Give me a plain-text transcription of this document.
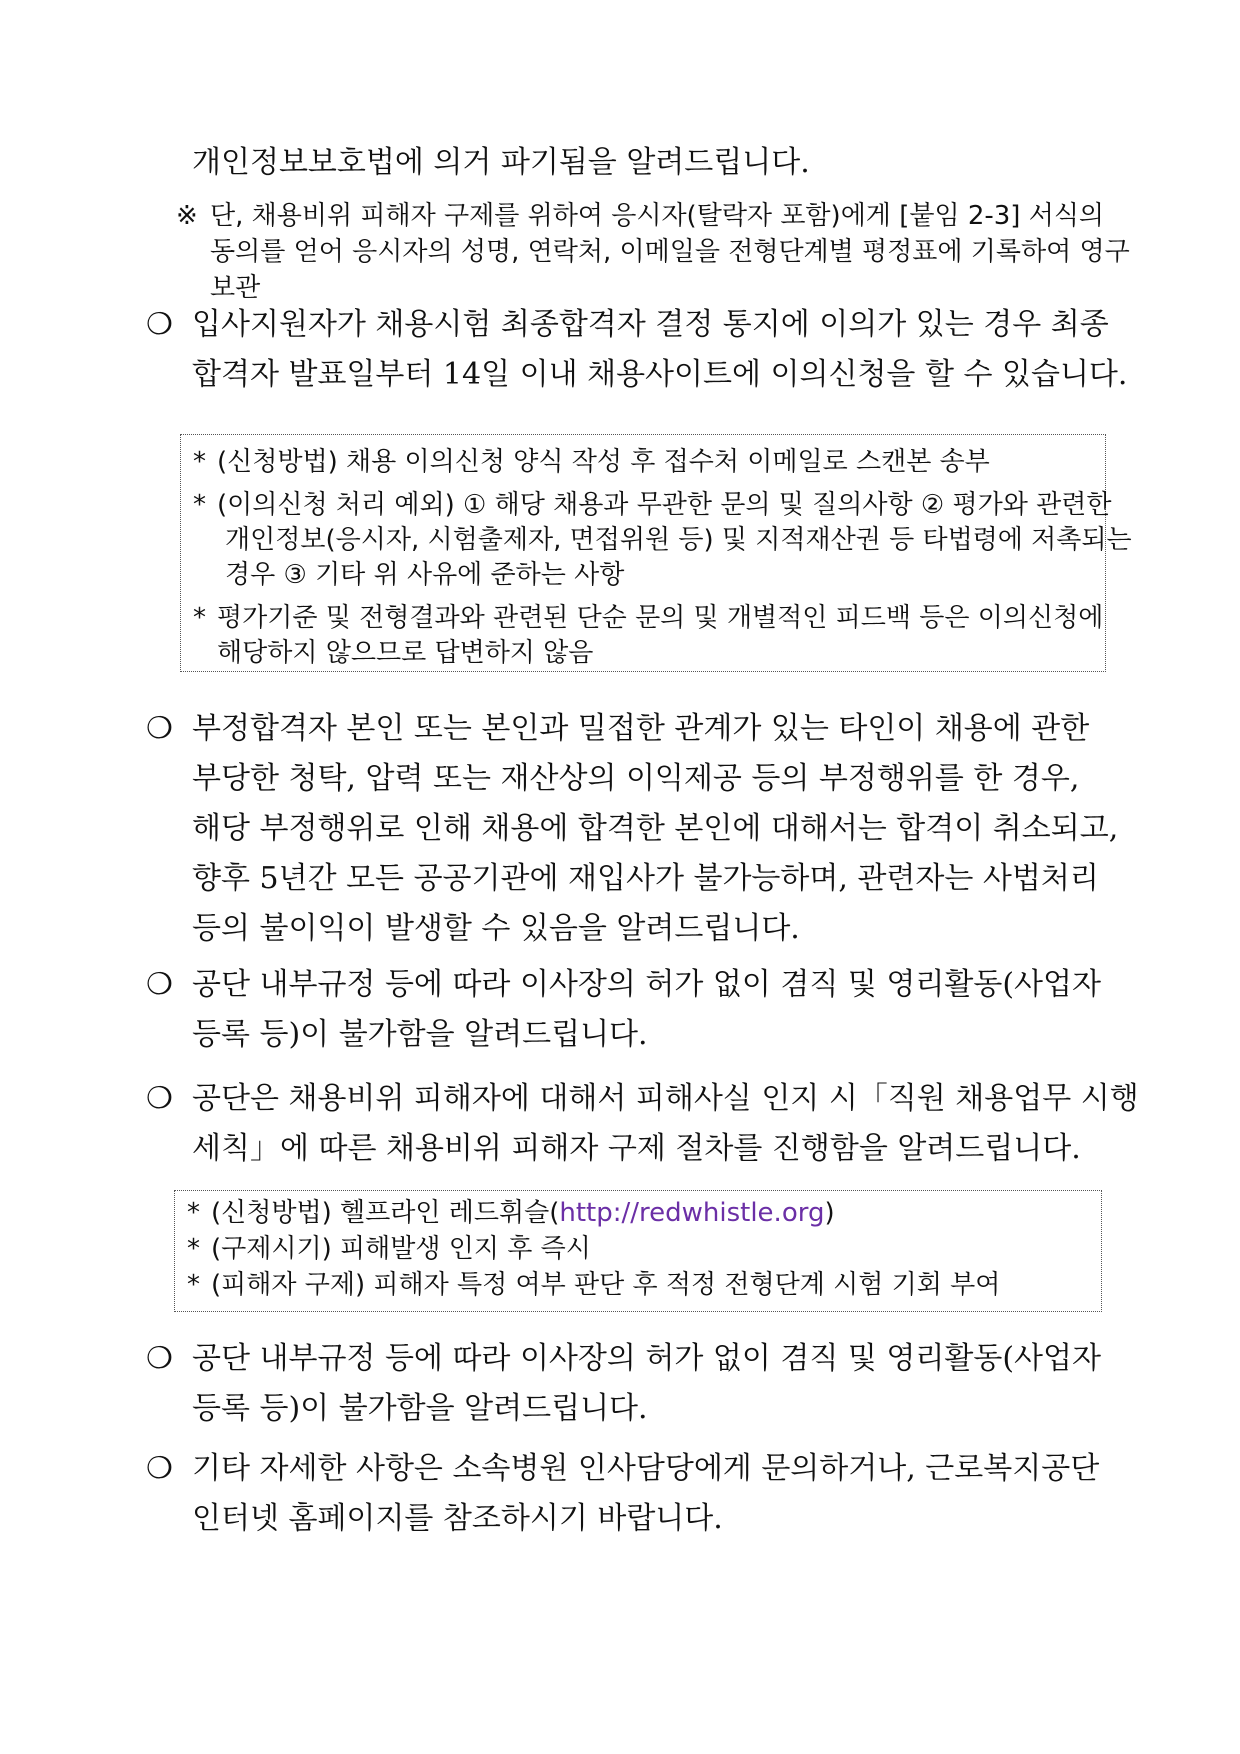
개인정보보호법에 의거 파기됨을 알려드립니다.
※ 단, 채용비위 피해자 구제를 위하여 응시자(탈락자 포함)에게 [붙임 2-3] 서식의
동의를 얻어 응시자의 성명, 연락처, 이메일을 전형단계별 평정표에 기록하여 영구
보관
❍ 입사지원자가 채용시험 최종합격자 결정 통지에 이의가 있는 경우 최종
합격자 발표일부터 14일 이내 채용사이트에 이의신청을 할 수 있습니다.
* (신청방법) 채용 이의신청 양식 작성 후 접수처 이메일로 스캔본 송부
* (이의신청 처리 예외) ① 해당 채용과 무관한 문의 및 질의사항 ② 평가와 관련한
개인정보(응시자, 시험출제자, 면접위원 등) 및 지적재산권 등 타법령에 저촉되는
경우 ③ 기타 위 사유에 준하는 사항
* 평가기준 및 전형결과와 관련된 단순 문의 및 개별적인 피드백 등은 이의신청에
해당하지 않으므로 답변하지 않음
❍ 부정합격자 본인 또는 본인과 밀접한 관계가 있는 타인이 채용에 관한
부당한 청탁, 압력 또는 재산상의 이익제공 등의 부정행위를 한 경우,
해당 부정행위로 인해 채용에 합격한 본인에 대해서는 합격이 취소되고,
향후 5년간 모든 공공기관에 재입사가 불가능하며, 관련자는 사법처리
등의 불이익이 발생할 수 있음을 알려드립니다.
❍ 공단 내부규정 등에 따라 이사장의 허가 없이 겸직 및 영리활동(사업자
등록 등)이 불가함을 알려드립니다.
❍ 공단은 채용비위 피해자에 대해서 피해사실 인지 시「직원 채용업무 시행
세칙」에 따른 채용비위 피해자 구제 절차를 진행함을 알려드립니다.
* (신청방법) 헬프라인 레드휘슬(http://redwhistle.org)
* (구제시기) 피해발생 인지 후 즉시
* (피해자 구제) 피해자 특정 여부 판단 후 적정 전형단계 시험 기회 부여
❍ 공단 내부규정 등에 따라 이사장의 허가 없이 겸직 및 영리활동(사업자
등록 등)이 불가함을 알려드립니다.
❍ 기타 자세한 사항은 소속병원 인사담당에게 문의하거나, 근로복지공단
인터넷 홈페이지를 참조하시기 바랍니다.
